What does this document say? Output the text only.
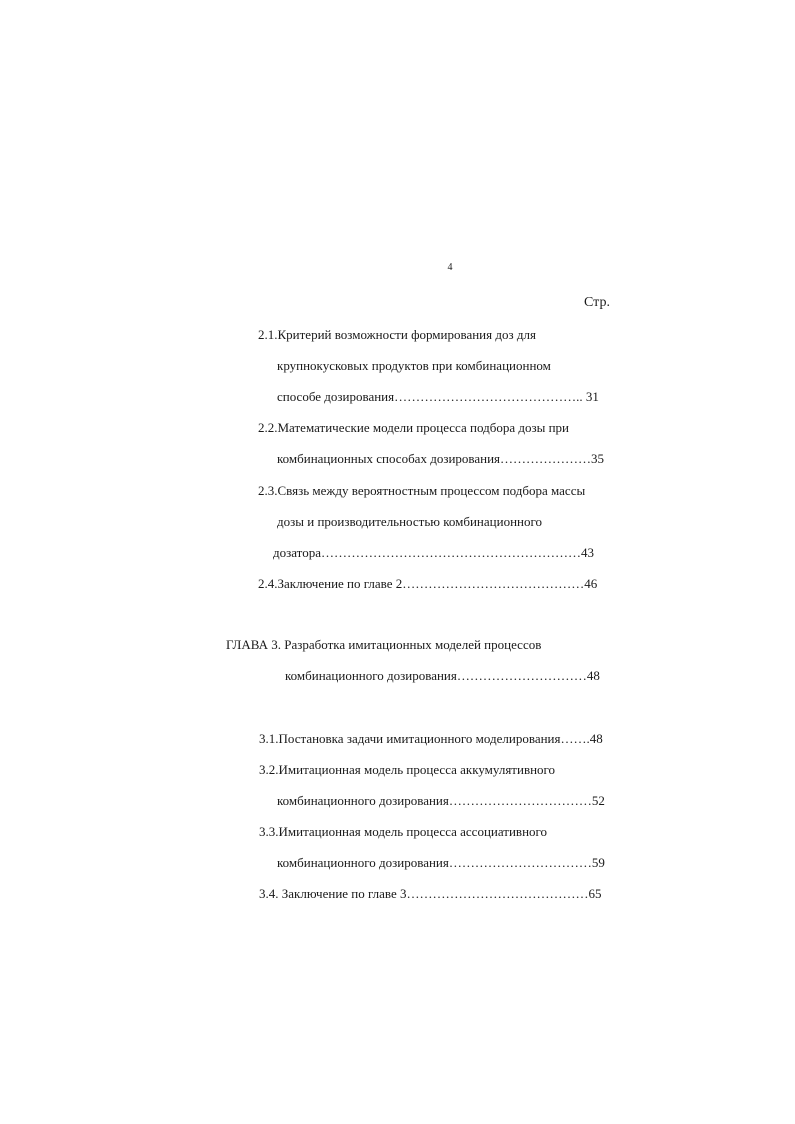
4
Стр.
2.1.Критерий возможности формирования доз для
крупнокусковых продуктов при комбинационном
способе дозирования…………………………………….. 31
2.2.Математические модели процесса подбора дозы при
комбинационных способах дозирования…………………35
2.3.Связь между вероятностным процессом подбора массы
дозы и производительностью комбинационного
дозатора……………………………………………………43
2.4.Заключение по главе 2……………………………………46
ГЛАВА 3. Разработка имитационных моделей процессов
комбинационного дозирования…………………………48
3.1.Постановка задачи имитационного моделирования…….48
3.2.Имитационная модель процесса аккумулятивного
комбинационного дозирования……………………………52
3.3.Имитационная модель процесса ассоциативного
комбинационного дозирования……………………………59
3.4. Заключение по главе 3……………………………………65
